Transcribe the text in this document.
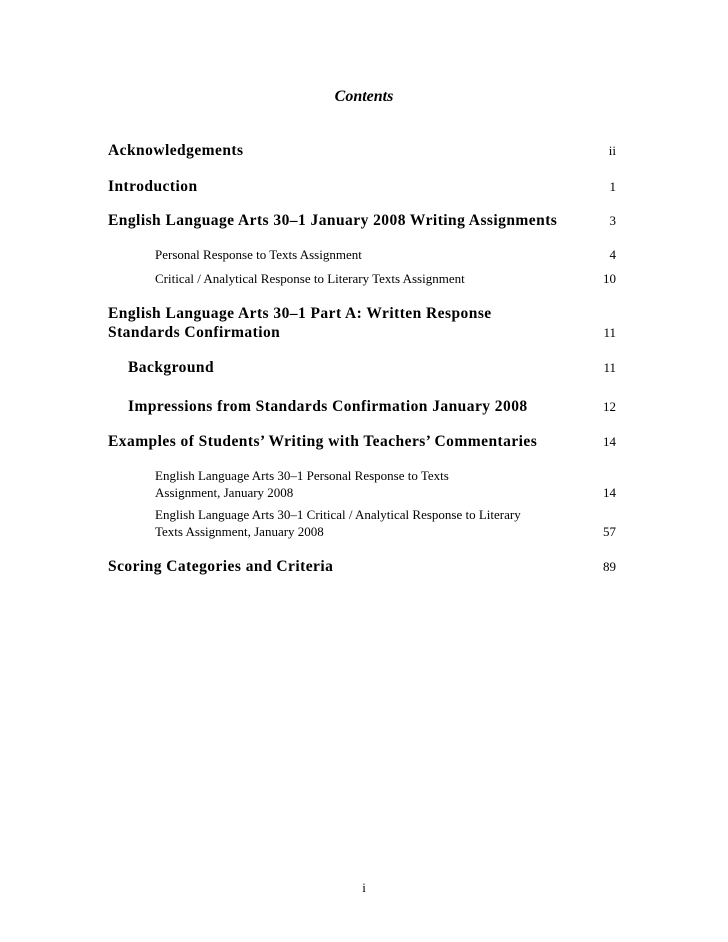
Contents
Acknowledgements	ii
Introduction	1
English Language Arts 30–1 January 2008 Writing Assignments	3
Personal Response to Texts Assignment	4
Critical / Analytical Response to Literary Texts Assignment	10
English Language Arts 30–1 Part A: Written Response
Standards Confirmation	11
Background	11
Impressions from Standards Confirmation January 2008	12
Examples of Students’ Writing with Teachers’ Commentaries	14
English Language Arts 30–1 Personal Response to Texts
Assignment, January 2008	14
English Language Arts 30–1 Critical / Analytical Response to Literary
Texts Assignment, January 2008	57
Scoring Categories and Criteria	89
i
